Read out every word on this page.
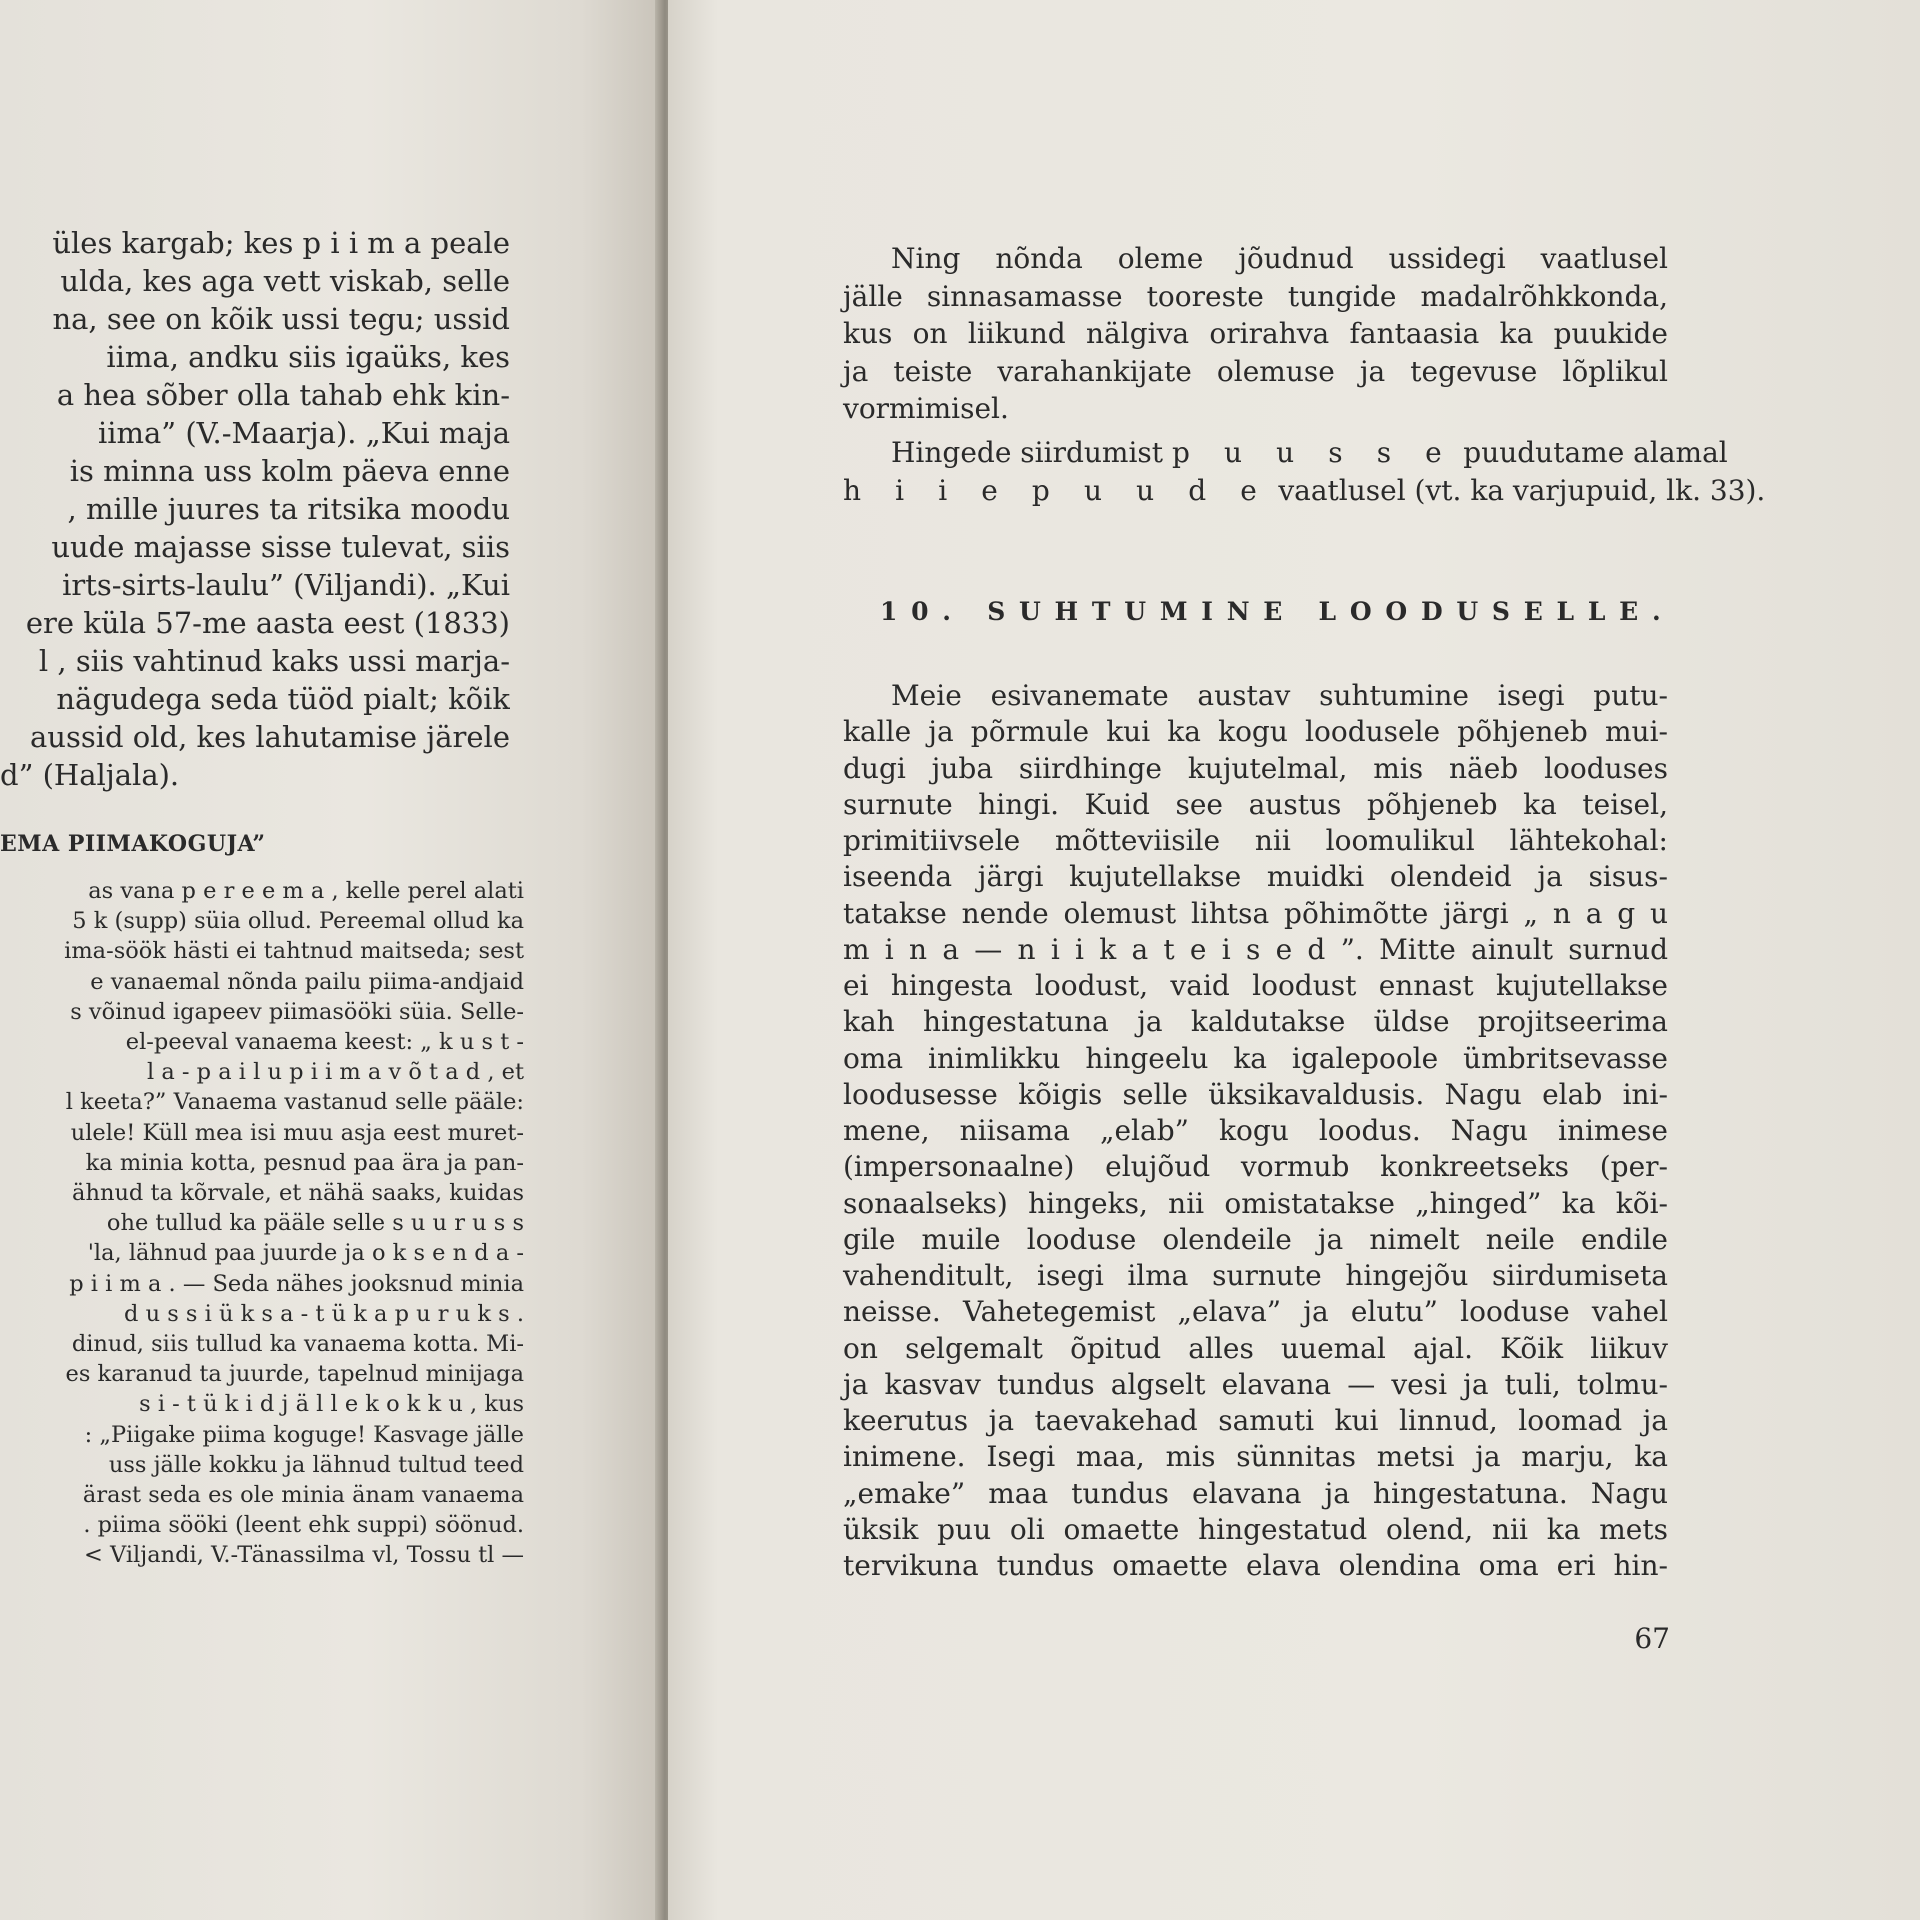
üles kargab; kes p i i m a peale
ulda, kes aga vett viskab, selle
na, see on kõik ussi tegu; ussid
iima, andku siis igaüks, kes
a hea sõber olla tahab ehk kin-
iima” (V.-Maarja). „Kui maja
is minna uss kolm päeva enne
, mille juures ta ritsika moodu
uude majasse sisse tulevat, siis
irts-sirts-laulu” (Viljandi). „Kui
ere küla 57-me aasta eest (1833)
l , siis vahtinud kaks ussi marja-
nägudega seda tüöd pialt; kõik
aussid old, kes lahutamise järele
d” (Haljala).
EMA PIIMAKOGUJA”
as vana p e r e e m a , kelle perel alati
5 k (supp) süia ollud. Pereemal ollud ka
ima-söök hästi ei tahtnud maitseda; sest
e vanaemal nõnda pailu piima-andjaid
s võinud igapeev piimasööki süia. Selle-
el-peeval vanaema keest: „ k u s t -
l a - p a i l u p i i m a v õ t a d , et
l keeta?” Vanaema vastanud selle pääle:
ulele! Küll mea isi muu asja eest muret-
ka minia kotta, pesnud paa ära ja pan-
ähnud ta kõrvale, et nähä saaks, kuidas
ohe tullud ka pääle selle s u u r u s s
'la, lähnud paa juurde ja o k s e n d a -
p i i m a . — Seda nähes jooksnud minia
d u s s i ü k s a - t ü k a p u r u k s .
dinud, siis tullud ka vanaema kotta. Mi-
es karanud ta juurde, tapelnud minijaga
s i - t ü k i d j ä l l e k o k k u , kus
: „Piigake piima koguge! Kasvage jälle
uss jälle kokku ja lähnud tultud teed
ärast seda es ole minia änam vanaema
. piima sööki (leent ehk suppi) söönud.
< Viljandi, V.-Tänassilma vl, Tossu tl —
Ning nõnda oleme jõudnud ussidegi vaatlusel
jälle sinnasamasse tooreste tungide madalrõhkkonda,
kus on liikund nälgiva orirahva fantaasia ka puukide
ja teiste varahankijate olemuse ja tegevuse lõplikul
vormimisel.
Hingede siirdumist p u u s s e puudutame alamal
h i i e p u u d e vaatlusel (vt. ka varjupuid, lk. 33).
10. SUHTUMINE LOODUSELLE.
Meie esivanemate austav suhtumine isegi putu-
kalle ja põrmule kui ka kogu loodusele põhjeneb mui-
dugi juba siirdhinge kujutelmal, mis näeb looduses
surnute hingi. Kuid see austus põhjeneb ka teisel,
primitiivsele mõtteviisile nii loomulikul lähtekohal:
iseenda järgi kujutellakse muidki olendeid ja sisus-
tatakse nende olemust lihtsa põhimõtte järgi „ n a g u
m i n a — n i i k a t e i s e d ”. Mitte ainult surnud
ei hingesta loodust, vaid loodust ennast kujutellakse
kah hingestatuna ja kaldutakse üldse projitseerima
oma inimlikku hingeelu ka igalepoole ümbritsevasse
loodusesse kõigis selle üksikavaldusis. Nagu elab ini-
mene, niisama „elab” kogu loodus. Nagu inimese
(impersonaalne) elujõud vormub konkreetseks (per-
sonaalseks) hingeks, nii omistatakse „hinged” ka kõi-
gile muile looduse olendeile ja nimelt neile endile
vahenditult, isegi ilma surnute hingejõu siirdumiseta
neisse. Vahetegemist „elava” ja elutu” looduse vahel
on selgemalt õpitud alles uuemal ajal. Kõik liikuv
ja kasvav tundus algselt elavana — vesi ja tuli, tolmu-
keerutus ja taevakehad samuti kui linnud, loomad ja
inimene. Isegi maa, mis sünnitas metsi ja marju, ka
„emake” maa tundus elavana ja hingestatuna. Nagu
üksik puu oli omaette hingestatud olend, nii ka mets
tervikuna tundus omaette elava olendina oma eri hin-
67
